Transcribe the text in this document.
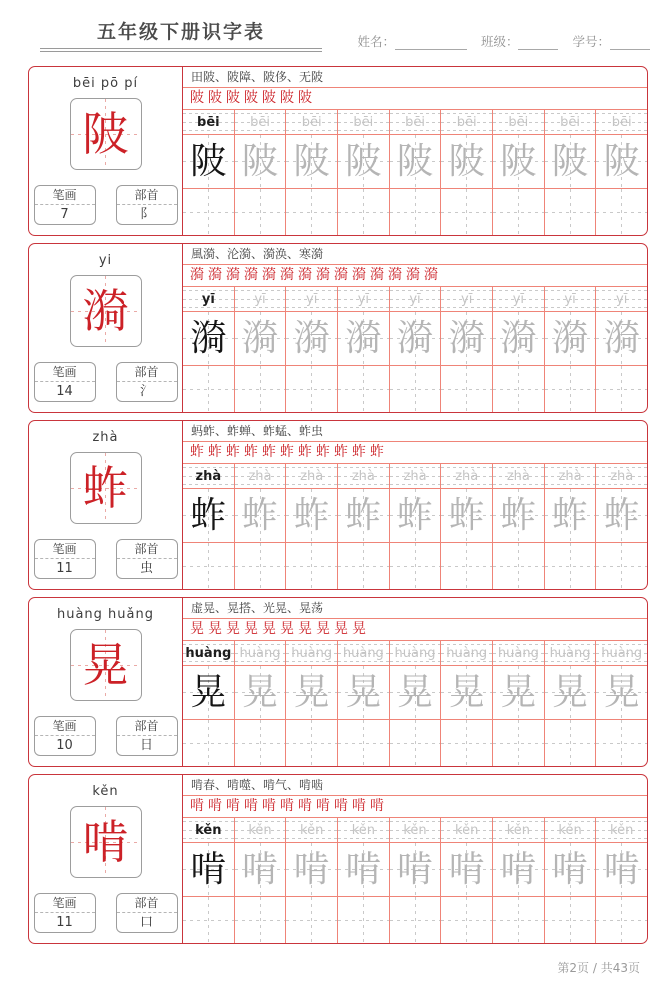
五年级下册识字表	姓名：	班级：	学号：
bēi pō pí
陂
笔画
7
部首
阝
田陂、陂障、陂侈、无陂
陂 陂 陂 陂 陂 陂 陂
bēi	bēi	bēi	bēi	bēi	bēi	bēi	bēi	bēi
陂 陂 陂 陂 陂 陂 陂 陂 陂
yi
漪
笔画
14
部首
氵
風漪、沦漪、漪涣、寒漪
漪 漪 漪 漪 漪 漪 漪 漪 漪 漪 漪 漪 漪 漪
yī	yī	yī	yī	yī	yī	yī	yī	yī
漪 漪 漪 漪 漪 漪 漪 漪 漪
zhà
蚱
笔画
11
部首
虫
蚂蚱、蚱蝉、蚱蜢、蚱虫
蚱 蚱 蚱 蚱 蚱 蚱 蚱 蚱 蚱 蚱 蚱
zhà	zhà	zhà	zhà	zhà	zhà	zhà	zhà	zhà
蚱 蚱 蚱 蚱 蚱 蚱 蚱 蚱 蚱
huàng huǎng
晃
笔画
10
部首
日
虚晃、晃搭、光晃、晃荡
晃 晃 晃 晃 晃 晃 晃 晃 晃 晃
huàng huàng huàng huàng huàng huàng huàng huàng huàng
晃 晃 晃 晃 晃 晃 晃 晃 晃
kěn
啃
笔画
11
部首
口
啃春、啃噬、啃气、啃啮
啃 啃 啃 啃 啃 啃 啃 啃 啃 啃 啃
kěn	kěn	kěn	kěn	kěn	kěn	kěn	kěn	kěn
啃 啃 啃 啃 啃 啃 啃 啃 啃
第2页 / 共43页
